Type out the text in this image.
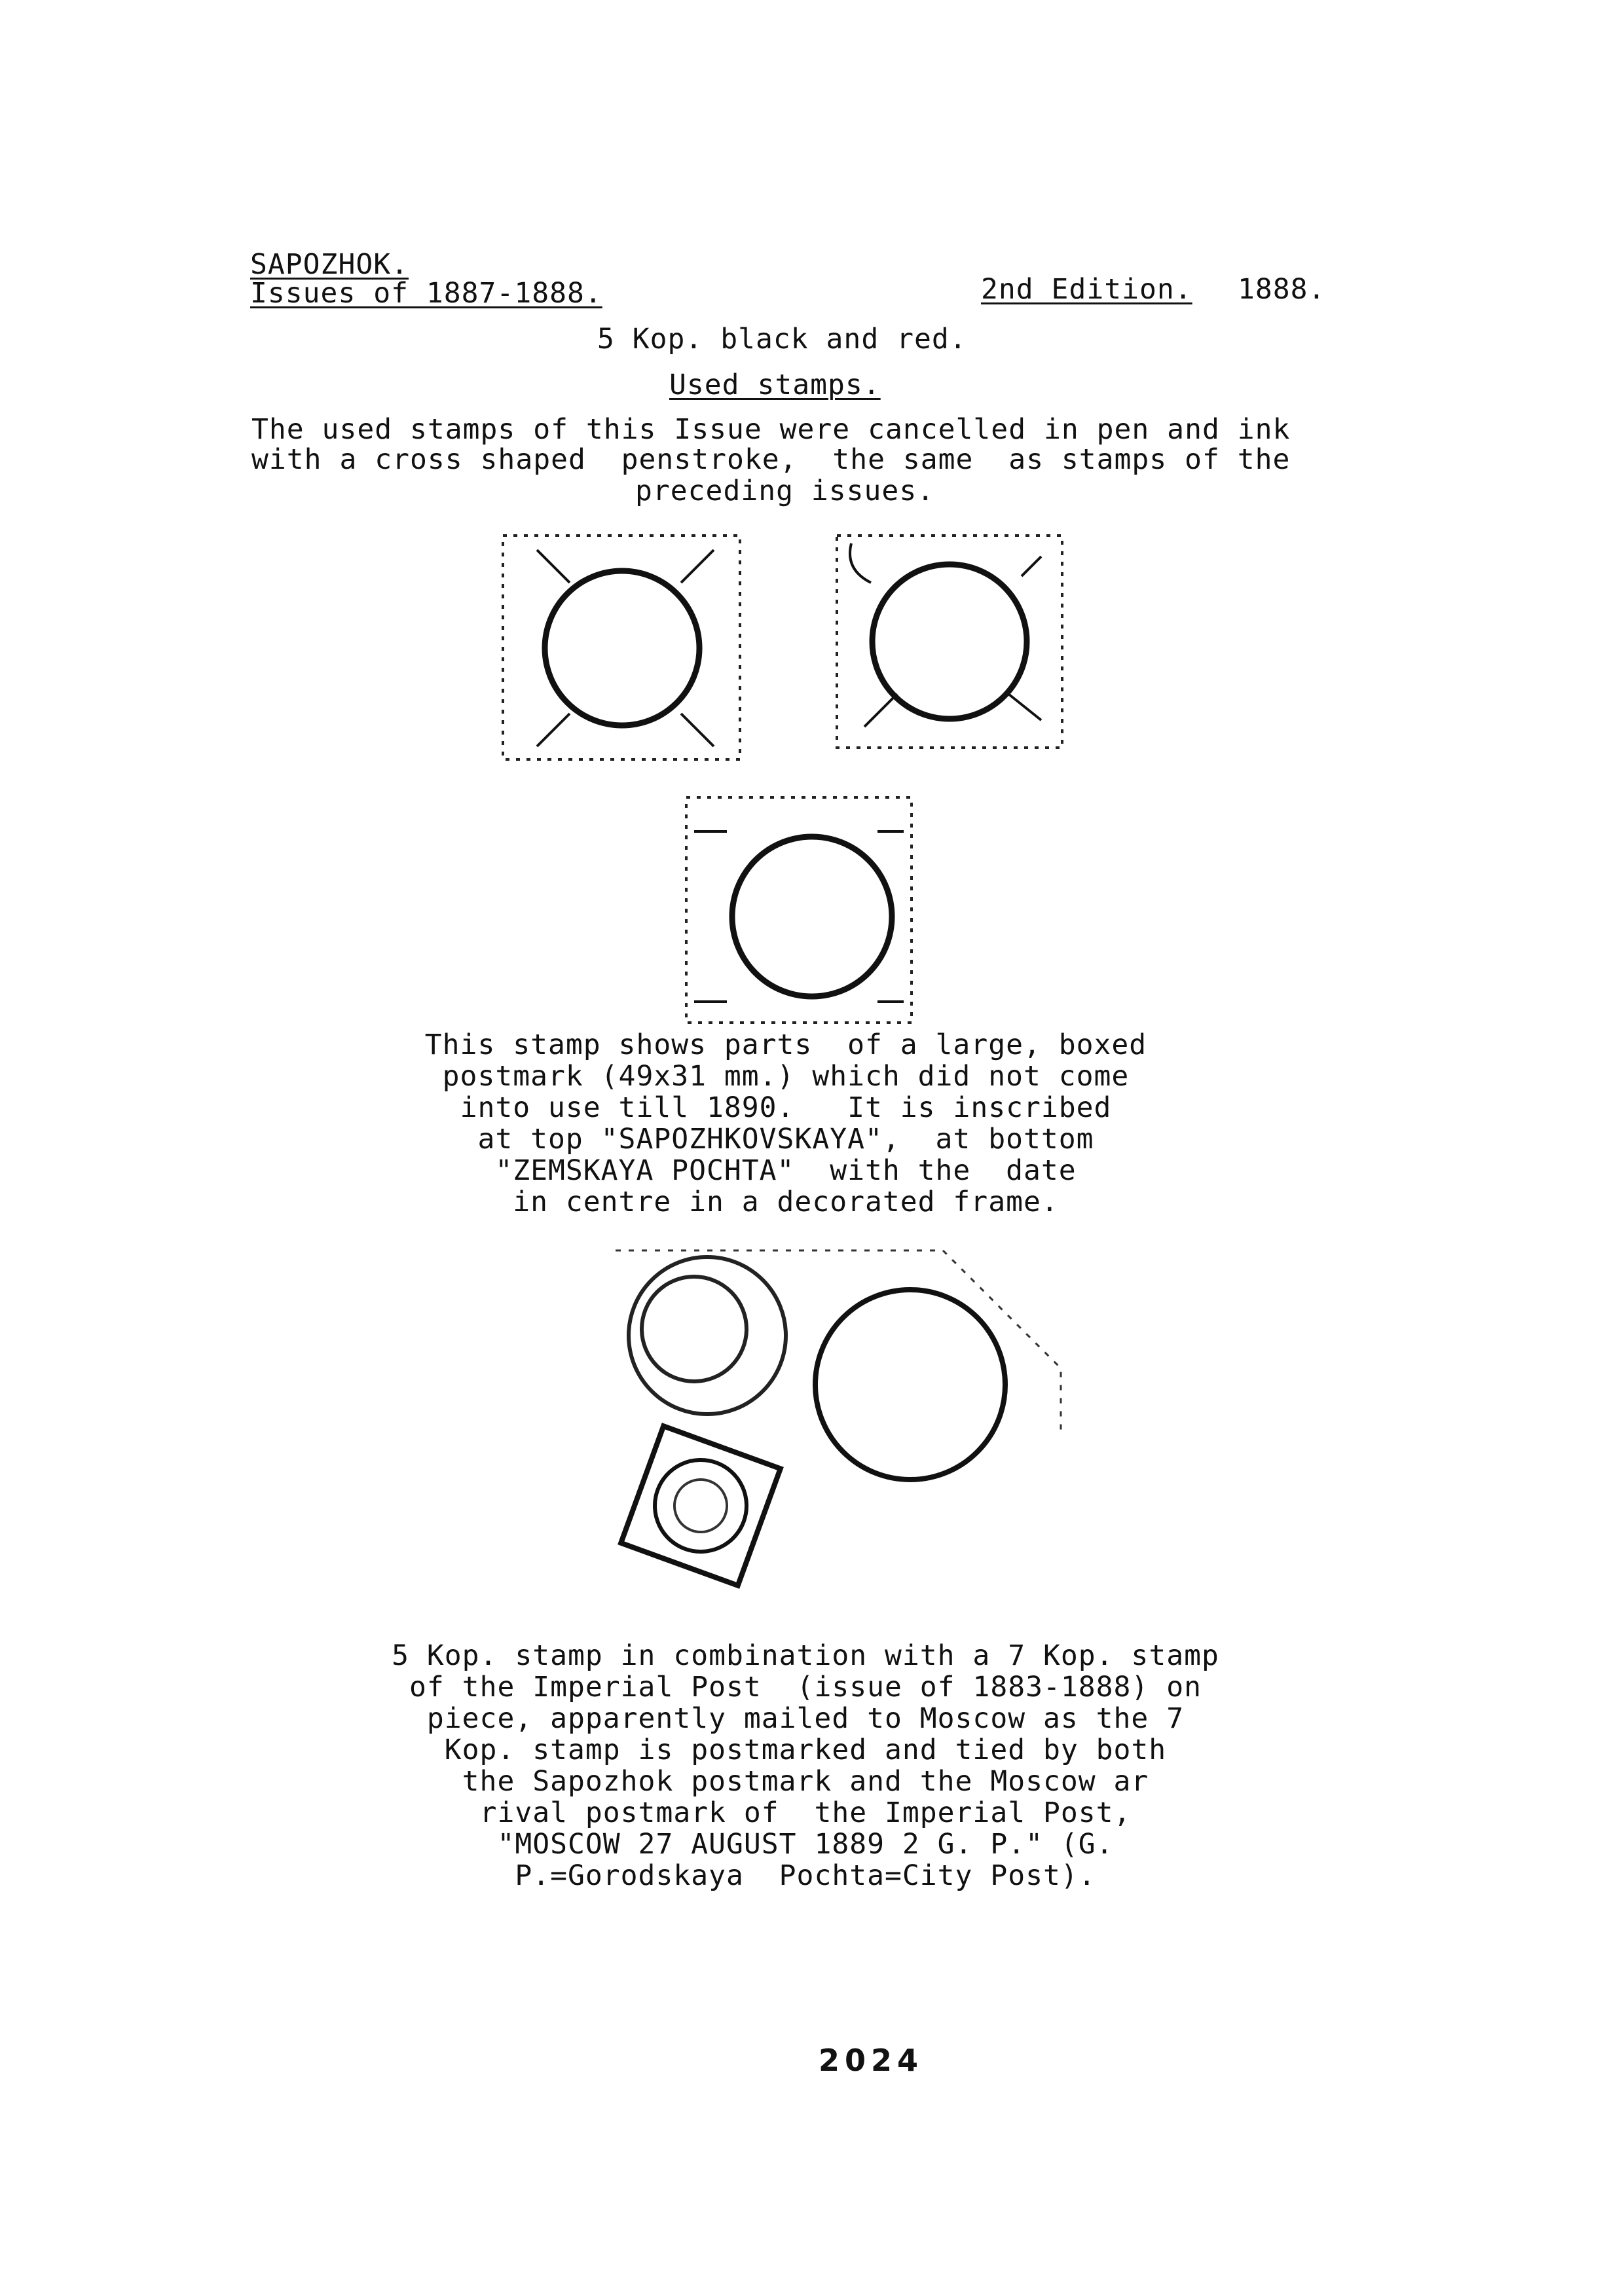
SAPOZHOK.
Issues of 1887-1888.	2nd Edition. 1888.
5 Kop. black and red.
Used stamps.
The used stamps of this Issue were cancelled in pen and ink
with a cross shaped  penstroke,  the same  as stamps of the
preceding issues.
This stamp shows parts  of a large, boxed
postmark (49x31 mm.) which did not come
into use till 1890.   It is inscribed
at top "SAPOZHKOVSKAYA",  at bottom
"ZEMSKAYA POCHTA"  with the  date
in centre in a decorated frame.
5 Kop. stamp in combination with a 7 Kop. stamp
of the Imperial Post  (issue of 1883-1888) on
piece, apparently mailed to Moscow as the 7
Kop. stamp is postmarked and tied by both
the Sapozhok postmark and the Moscow ar
rival postmark of  the Imperial Post,
"MOSCOW 27 AUGUST 1889 2 G. P." (G.
P.=Gorodskaya  Pochta=City Post).
2024
